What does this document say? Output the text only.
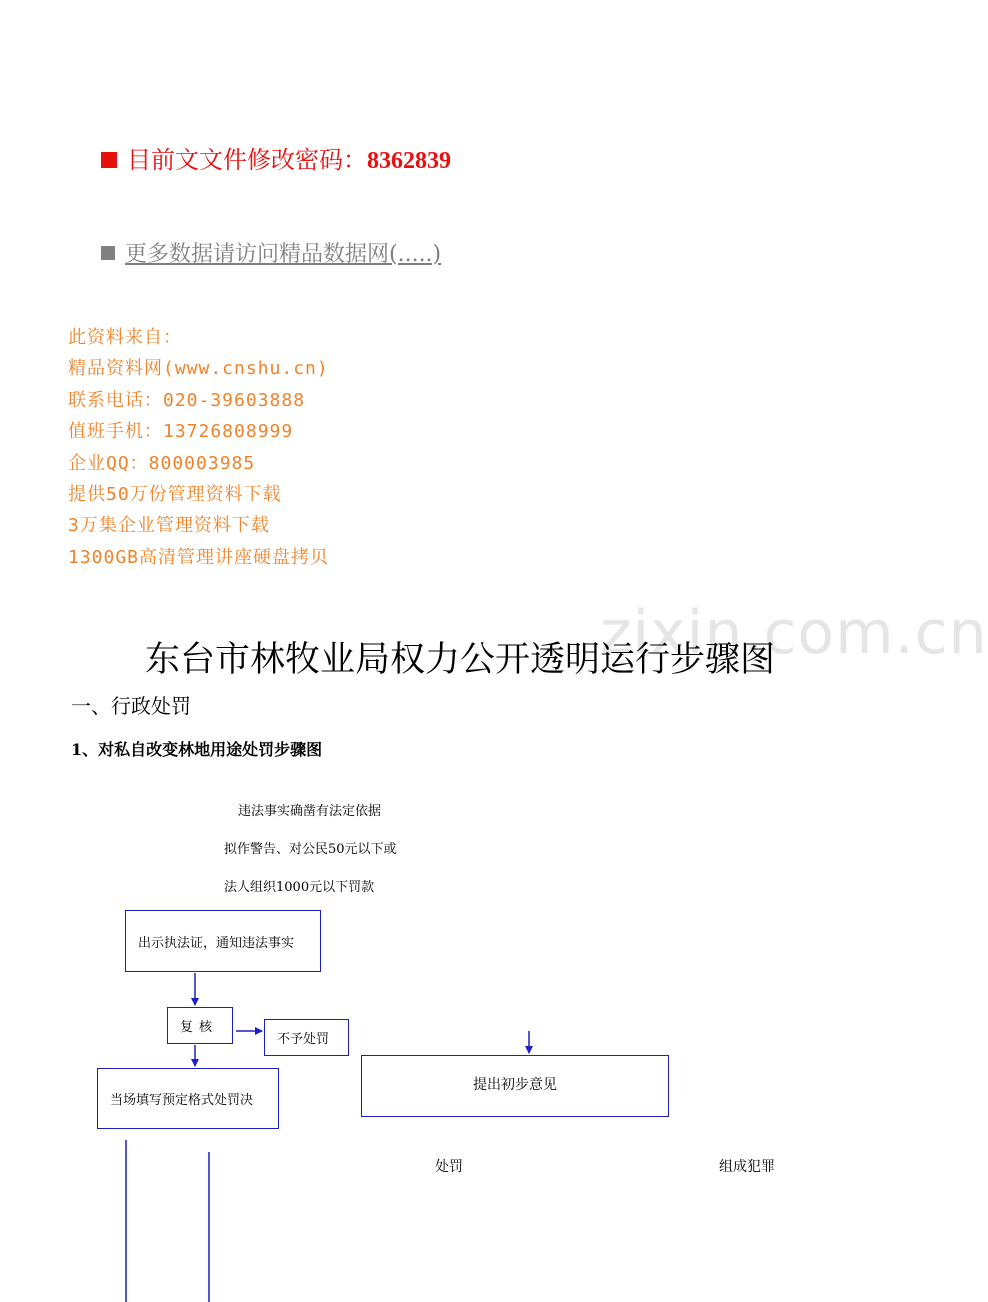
目前文文件修改密码：8362839
更多数据请访问精品数据网(.....)
此资料来自：
精品资料网(www.cnshu.cn)
联系电话：020-39603888
值班手机：13726808999
企业QQ：800003985
提供50万份管理资料下载
3万集企业管理资料下载
1300GB高清管理讲座硬盘拷贝
zixin.com.cn
东台市林牧业局权力公开透明运行步骤图
一、行政处罚
1、对私自改变林地用途处罚步骤图
违法事实确凿有法定依据
拟作警告、对公民50元以下或
法人组织1000元以下罚款
出示执法证，通知违法事实
复核
不予处罚
当场填写预定格式处罚决
提出初步意见
处罚	组成犯罪
